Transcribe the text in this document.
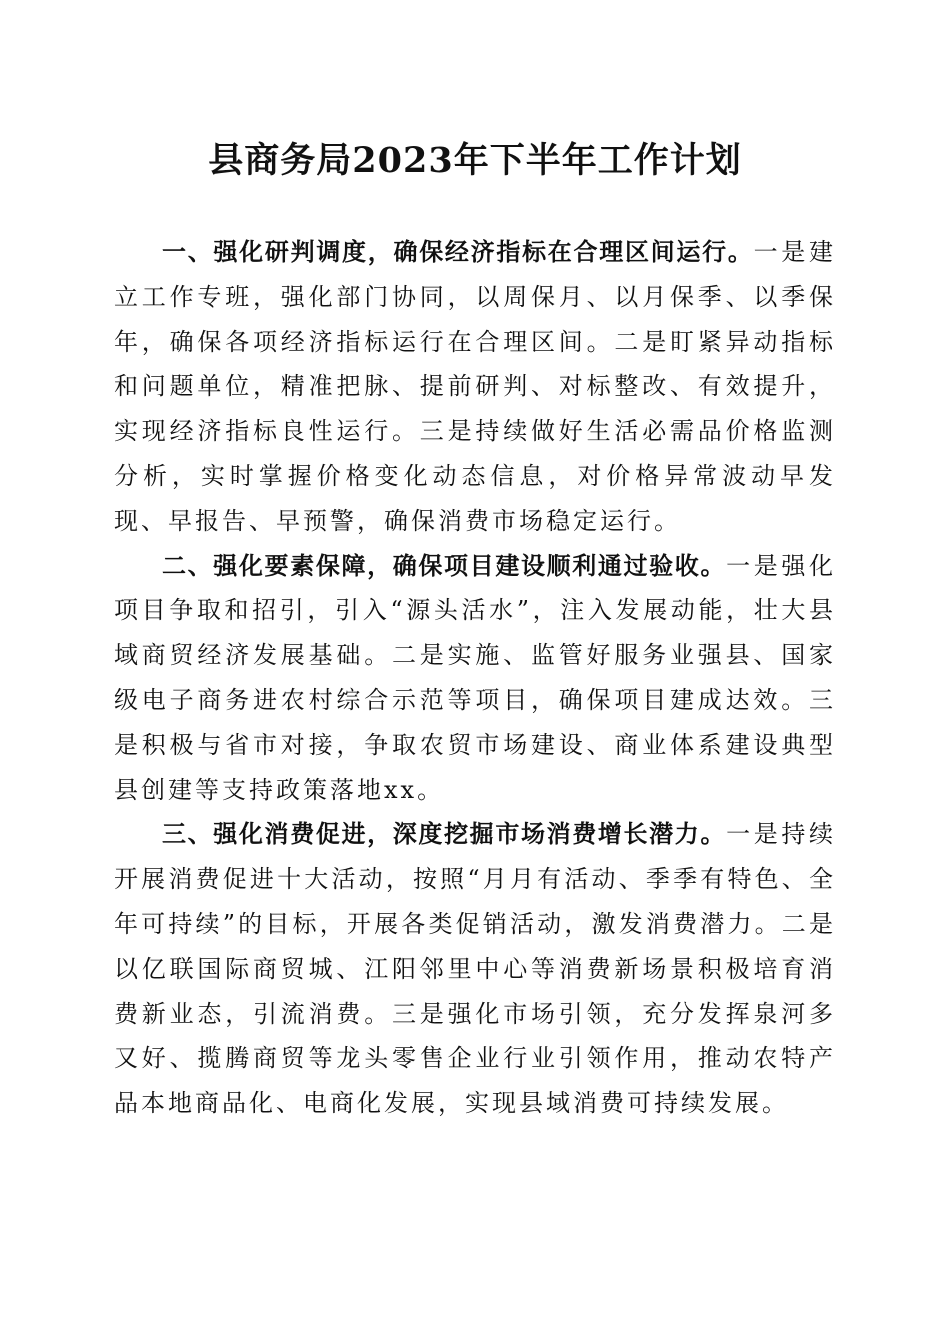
县商务局2023年下半年工作计划

一、强化研判调度，确保经济指标在合理区间运行。一是建立工作专班，强化部门协同，以周保月、以月保季、以季保年，确保各项经济指标运行在合理区间。二是盯紧异动指标和问题单位，精准把脉、提前研判、对标整改、有效提升，实现经济指标良性运行。三是持续做好生活必需品价格监测分析，实时掌握价格变化动态信息，对价格异常波动早发现、早报告、早预警，确保消费市场稳定运行。

二、强化要素保障，确保项目建设顺利通过验收。一是强化项目争取和招引，引入“源头活水”，注入发展动能，壮大县域商贸经济发展基础。二是实施、监管好服务业强县、国家级电子商务进农村综合示范等项目，确保项目建成达效。三是积极与省市对接，争取农贸市场建设、商业体系建设典型县创建等支持政策落地xx。

三、强化消费促进，深度挖掘市场消费增长潜力。一是持续开展消费促进十大活动，按照“月月有活动、季季有特色、全年可持续”的目标，开展各类促销活动，激发消费潜力。二是以亿联国际商贸城、江阳邻里中心等消费新场景积极培育消费新业态，引流消费。三是强化市场引领，充分发挥泉河多又好、揽腾商贸等龙头零售企业行业引领作用，推动农特产品本地商品化、电商化发展，实现县域消费可持续发展。
